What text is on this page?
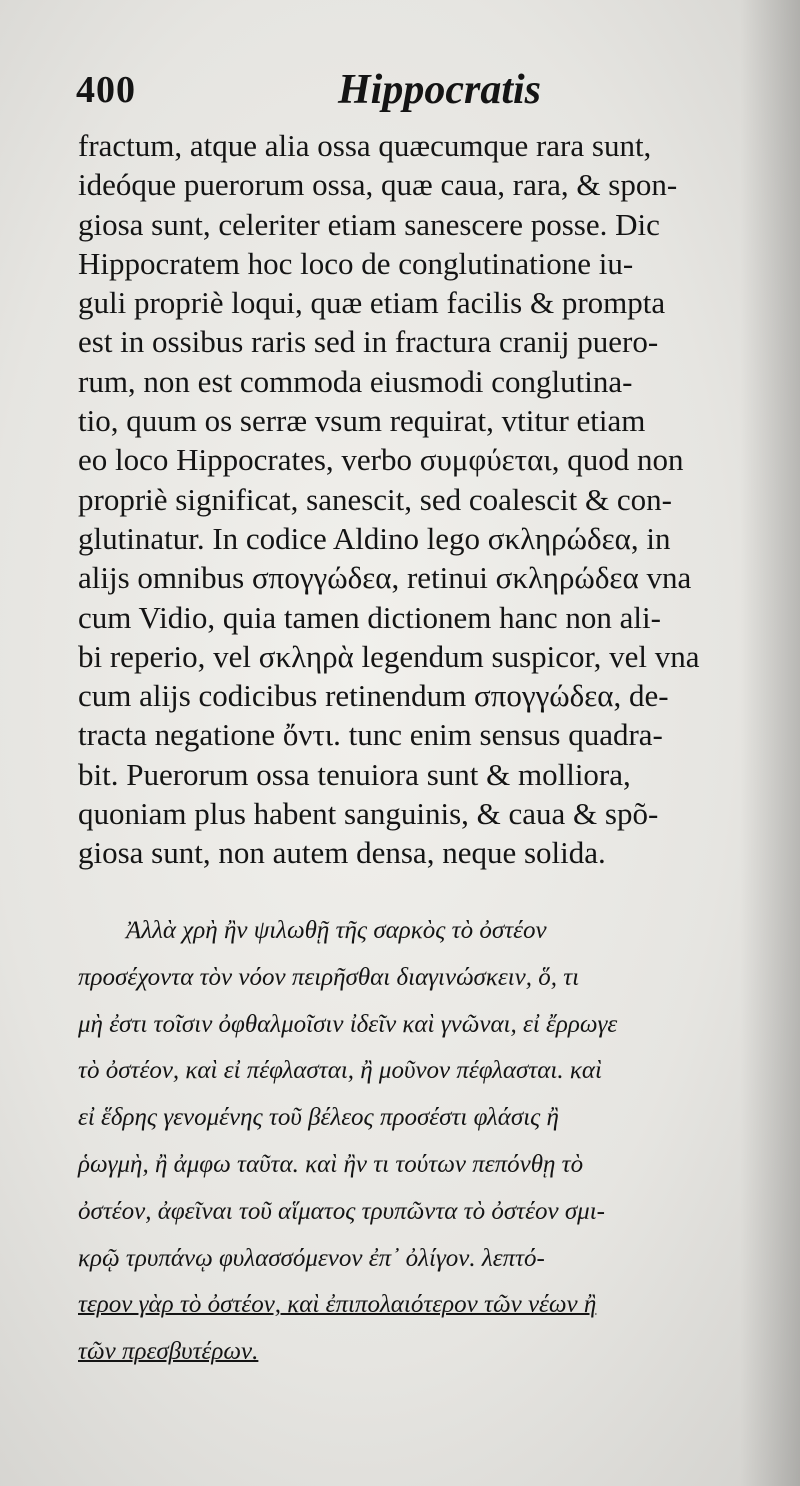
400	Hippocratis
fractum, atque alia ossa quæcumque rara sunt,
ideóque puerorum ossa, quæ caua, rara, & spon-
giosa sunt, celeriter etiam sanescere posse. Dic
Hippocratem hoc loco de conglutinatione iu-
guli propriè loqui, quæ etiam facilis & prompta
est in ossibus raris sed in fractura cranij puero-
rum, non est commoda eiusmodi conglutina-
tio, quum os serræ vsum requirat, vtitur etiam
eo loco Hippocrates, verbo συμφύεται, quod non
propriè significat, sanescit, sed coalescit & con-
glutinatur. In codice Aldino lego σκληρώδεα, in
alijs omnibus σπογγώδεα, retinui σκληρώδεα vna
cum Vidio, quia tamen dictionem hanc non ali-
bi reperio, vel σκληρὰ legendum suspicor, vel vna
cum alijs codicibus retinendum σπογγώδεα, de-
tracta negatione ὄντι. tunc enim sensus quadra-
bit. Puerorum ossa tenuiora sunt & molliora,
quoniam plus habent sanguinis, & caua & spõ-
giosa sunt, non autem densa, neque solida.
Ἀλλὰ χρὴ ἢν ψιλωθῇ τῆς σαρκὸς τὸ ὀστέον
προσέχοντα τὸν νόον πειρῆσθαι διαγινώσκειν, ὅ, τι
μὴ ἐστι τοῖσιν ὀφθαλμοῖσιν ἰδεῖν καὶ γνῶναι, εἰ ἔρρωγε
τὸ ὀστέον, καὶ εἰ πέφλασται, ἢ μοῦνον πέφλασται. καὶ
εἰ ἕδρης γενομένης τοῦ βέλεος προσέστι φλάσις ἢ
ῥωγμὴ, ἢ ἀμφω ταῦτα. καὶ ἢν τι τούτων πεπόνθῃ τὸ
ὀστέον, ἀφεῖναι τοῦ αἵματος τρυπῶντα τὸ ὀστέον σμι-
κρῷ τρυπάνῳ φυλασσόμενον ἐπ᾽ ὀλίγον. λεπτό-
τερον γὰρ τὸ ὀστέον, καὶ ἐπιπολαιότερον τῶν νέων ἢ
τῶν πρεσβυτέρων.
